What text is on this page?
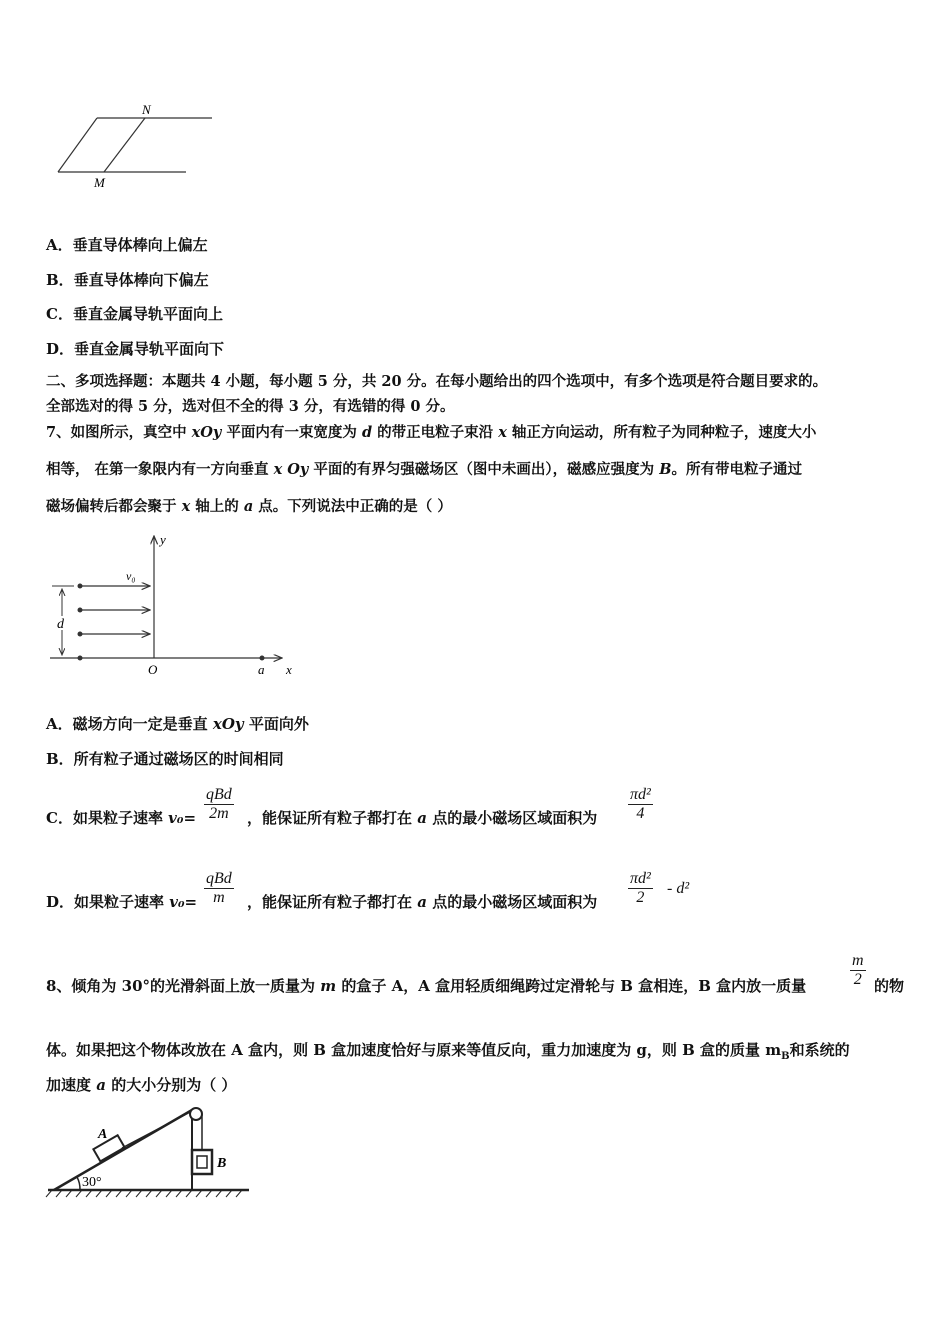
N
M
A．垂直导体棒向上偏左
B．垂直导体棒向下偏左
C．垂直金属导轨平面向上
D．垂直金属导轨平面向下
二、多项选择题：本题共 4 小题，每小题 5 分，共 20 分。在每小题给出的四个选项中，有多个选项是符合题目要求的。
全部选对的得 5 分，选对但不全的得 3 分，有选错的得 0 分。
7、如图所示，真空中 xOy 平面内有一束宽度为 d 的带正电粒子束沿 x 轴正方向运动，所有粒子为同种粒子，速度大小
相等， 在第一象限内有一方向垂直 x Oy 平面的有界匀强磁场区（图中未画出），磁感应强度为 B。所有带电粒子通过
磁场偏转后都会聚于 x 轴上的 a 点。下列说法中正确的是（ ）
y
x
O	a
v₀
d
A．磁场方向一定是垂直 xOy 平面向外
B．所有粒子通过磁场区的时间相同
C．如果粒子速率 v₀=
qBd
2m	，能保证所有粒子都打在 a 点的最小磁场区域面积为
πd²
4
D．如果粒子速率 v₀=
qBd
m	，能保证所有粒子都打在 a 点的最小磁场区域面积为
πd²
2
- d²
8、倾角为 30°的光滑斜面上放一质量为 m 的盒子 A，A 盒用轻质细绳跨过定滑轮与 B 盒相连，B 盒内放一质量
m
2 的物
体。如果把这个物体改放在 A 盒内，则 B 盒加速度恰好与原来等值反向，重力加速度为 g，则 B 盒的质量 $m_B$和系统的
加速度 a 的大小分别为（ ）
30°
A
B
